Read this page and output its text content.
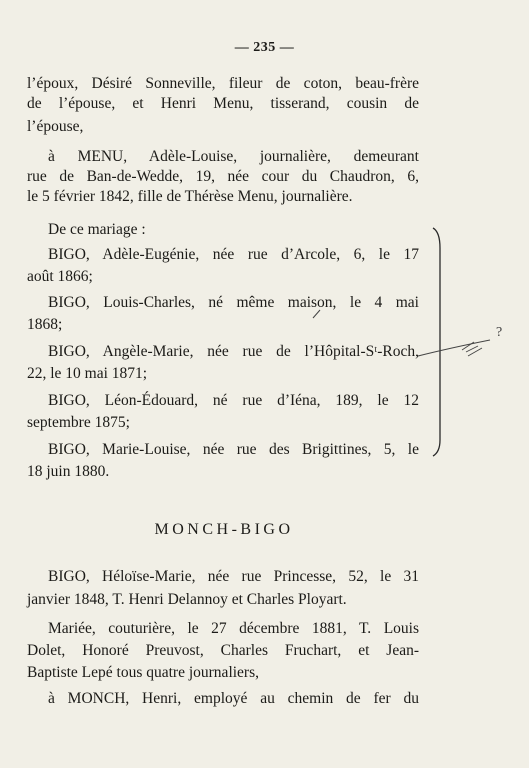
— 235 —
l’époux, Désiré Sonneville, fileur de coton, beau-frère
de l’épouse, et Henri Menu, tisserand, cousin de
l’épouse,
à MENU, Adèle-Louise, journalière, demeurant
rue de Ban-de-Wedde, 19, née cour du Chaudron, 6,
le 5 février 1842, fille de Thérèse Menu, journalière.
De ce mariage :
BIGO, Adèle-Eugénie, née rue d’Arcole, 6, le 17
août 1866;
BIGO, Louis-Charles, né même maison, le 4 mai
1868;
BIGO, Angèle-Marie, née rue de l’Hôpital-Sᵗ-Roch,
22, le 10 mai 1871;
BIGO, Léon-Édouard, né rue d’Iéna, 189, le 12
septembre 1875;
BIGO, Marie-Louise, née rue des Brigittines, 5, le
18 juin 1880.
MONCH-BIGO
BIGO, Héloïse-Marie, née rue Princesse, 52, le 31
janvier 1848, T. Henri Delannoy et Charles Ployart.
Mariée, couturière, le 27 décembre 1881, T. Louis
Dolet, Honoré Preuvost, Charles Fruchart, et Jean-
Baptiste Lepé tous quatre journaliers,
à MONCH, Henri, employé au chemin de fer du
?
